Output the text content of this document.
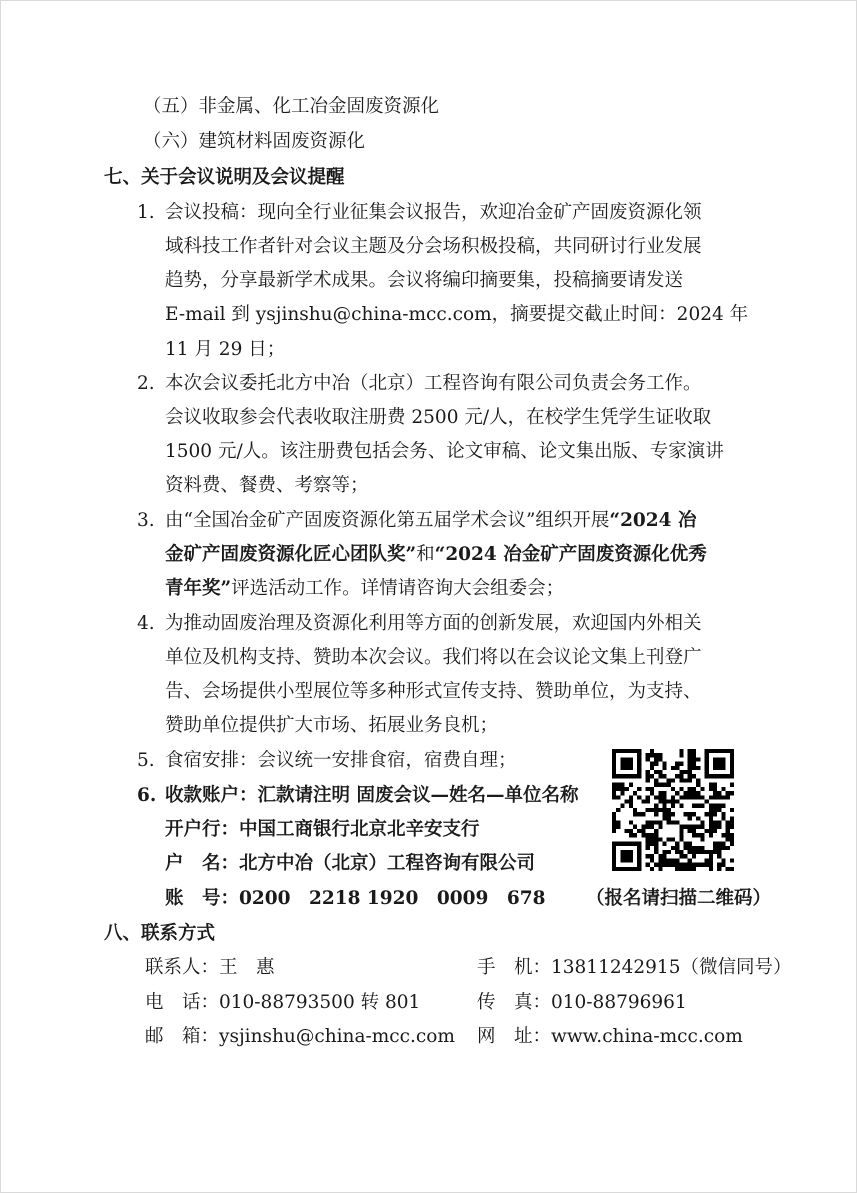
（五）非金属、化工冶金固废资源化
（六）建筑材料固废资源化
七、关于会议说明及会议提醒
1. 会议投稿：现向全行业征集会议报告，欢迎冶金矿产固废资源化领
域科技工作者针对会议主题及分会场积极投稿，共同研讨行业发展
趋势，分享最新学术成果。会议将编印摘要集，投稿摘要请发送
E-mail 到 ysjinshu@china-mcc.com，摘要提交截止时间：2024 年
11 月 29 日；
2. 本次会议委托北方中冶（北京）工程咨询有限公司负责会务工作。
会议收取参会代表收取注册费 2500 元/人，在校学生凭学生证收取
1500 元/人。该注册费包括会务、论文审稿、论文集出版、专家演讲
资料费、餐费、考察等；
3. 由“全国冶金矿产固废资源化第五届学术会议”组织开展“2024 冶
金矿产固废资源化匠心团队奖”和“2024 冶金矿产固废资源化优秀
青年奖”评选活动工作。详情请咨询大会组委会；
4. 为推动固废治理及资源化利用等方面的创新发展，欢迎国内外相关
单位及机构支持、赞助本次会议。我们将以在会议论文集上刊登广
告、会场提供小型展位等多种形式宣传支持、赞助单位，为支持、
赞助单位提供扩大市场、拓展业务良机；
5. 食宿安排：会议统一安排食宿，宿费自理；
6. 收款账户：汇款请注明 固废会议—姓名—单位名称
开户行：中国工商银行北京北辛安支行
户　名：北方中冶（北京）工程咨询有限公司
账　号：0200　2218 1920　0009　678 （报名请扫描二维码）
八、联系方式
联系人：王　惠	手　机：13811242915（微信同号）
电　话：010-88793500 转 801	传　真：010-88796961
邮　箱：ysjinshu@china-mcc.com 网　址：www.china-mcc.com
